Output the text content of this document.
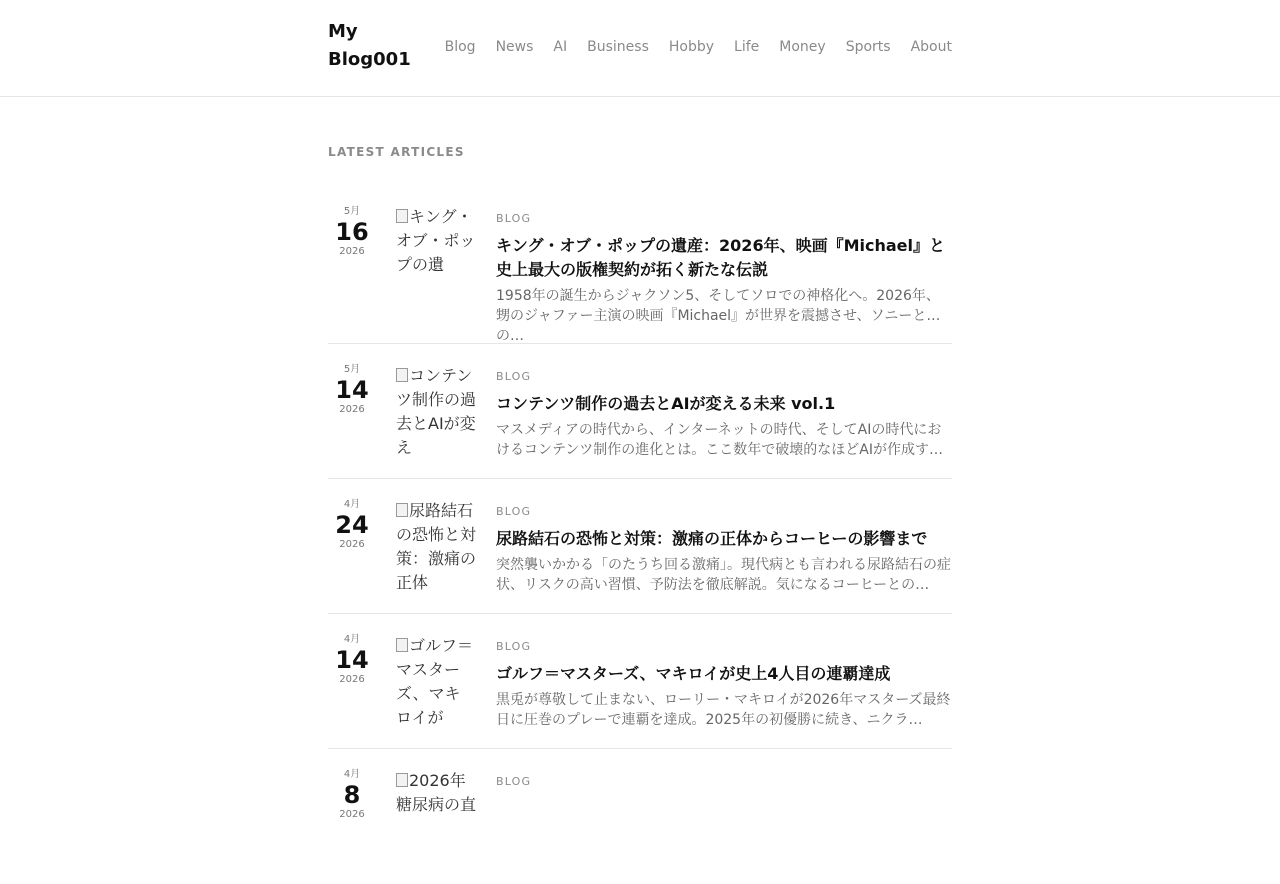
My Blog001
Blog News AI Business Hobby Life Money Sports About
LATEST ARTICLES
5月
16
2026
キング・オブ・ポップの遺
BLOG
キング・オブ・ポップの遺産：2026年、映画『Michael』と史上最大の版権契約が拓く新たな伝説
1958年の誕生からジャクソン5、そしてソロでの神格化へ。2026年、甥のジャファー主演の映画『Michael』が世界を震撼させ、ソニーとの…
5月
14
2026
コンテンツ制作の過去とAIが変え
BLOG
コンテンツ制作の過去とAIが変える未来 vol.1
マスメディアの時代から、インターネットの時代、そしてAIの時代におけるコンテンツ制作の進化とは。ここ数年で破壊的なほどAIが作成す…
4月
24
2026
尿路結石の恐怖と対策：激痛の正体
BLOG
尿路結石の恐怖と対策：激痛の正体からコーヒーの影響まで
突然襲いかかる「のたうち回る激痛」。現代病とも言われる尿路結石の症状、リスクの高い習慣、予防法を徹底解説。気になるコーヒーとの…
4月
14
2026
ゴルフ＝マスターズ、マキロイが
BLOG
ゴルフ＝マスターズ、マキロイが史上4人目の連覇達成
黒兎が尊敬して止まない、ローリー・マキロイが2026年マスターズ最終日に圧巻のプレーで連覇を達成。2025年の初優勝に続き、ニクラ…
4月
8
2026
2026年 糖尿病の直
BLOG
